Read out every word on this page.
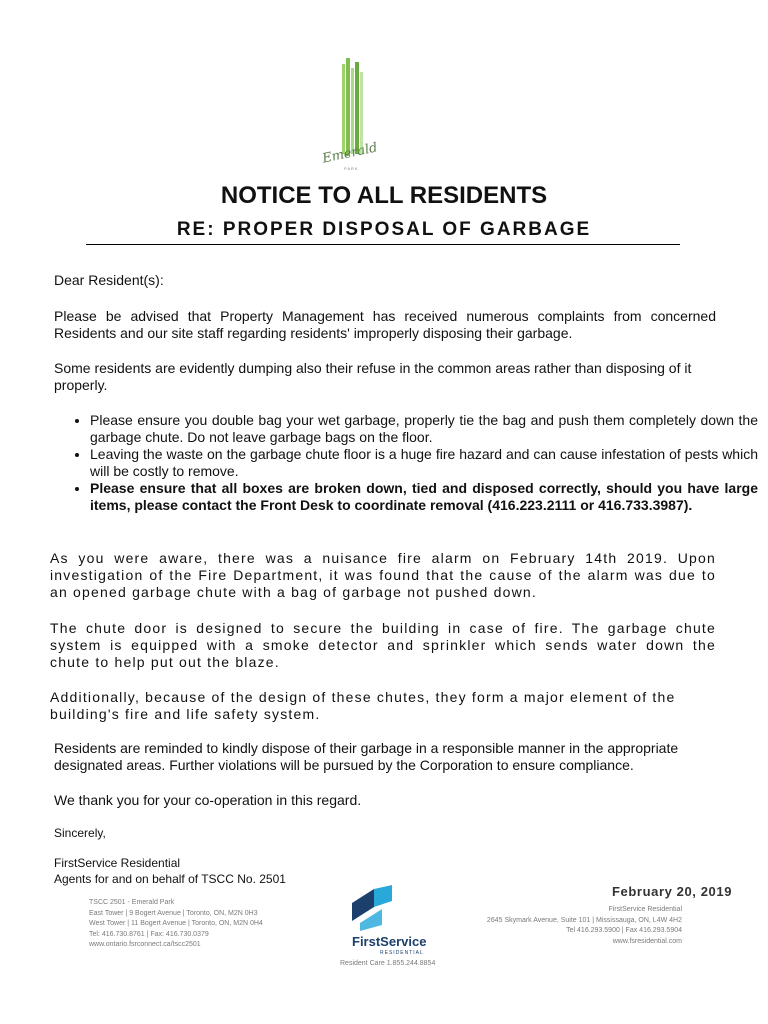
Emerald
PARK
NOTICE TO ALL RESIDENTS
RE: PROPER DISPOSAL OF GARBAGE

Dear Resident(s):

Please be advised that Property Management has received numerous complaints from concerned Residents and our site staff regarding residents' improperly disposing their garbage.

Some residents are evidently dumping also their refuse in the common areas rather than disposing of it properly.

• Please ensure you double bag your wet garbage, properly tie the bag and push them completely down the garbage chute. Do not leave garbage bags on the floor.
• Leaving the waste on the garbage chute floor is a huge fire hazard and can cause infestation of pests which will be costly to remove.
• Please ensure that all boxes are broken down, tied and disposed correctly, should you have large items, please contact the Front Desk to coordinate removal (416.223.2111 or 416.733.3987).

As you were aware, there was a nuisance fire alarm on February 14th 2019. Upon investigation of the Fire Department, it was found that the cause of the alarm was due to an opened garbage chute with a bag of garbage not pushed down.

The chute door is designed to secure the building in case of fire. The garbage chute system is equipped with a smoke detector and sprinkler which sends water down the chute to help put out the blaze.

Additionally, because of the design of these chutes, they form a major element of the building's fire and life safety system.

Residents are reminded to kindly dispose of their garbage in a responsible manner in the appropriate designated areas. Further violations will be pursued by the Corporation to ensure compliance.

We thank you for your co-operation in this regard.

Sincerely,
FirstService Residential
Agents for and on behalf of TSCC No. 2501
February 20, 2019
TSCC 2501 - Emerald Park
East Tower | 9 Bogert Avenue | Toronto, ON, M2N 0H3
West Tower | 11 Bogert Avenue | Toronto, ON, M2N 0H4
Tel: 416.730.8761 | Fax: 416.730.0379
www.ontario.fsrconnect.ca/tscc2501	FirstService
RESIDENTIAL
Resident Care 1.855.244.8854
FirstService Residential
2645 Skymark Avenue, Suite 101 | Mississauga, ON, L4W 4H2
Tel 416.293.5900 | Fax 416.293.5904
www.fsresidential.com
